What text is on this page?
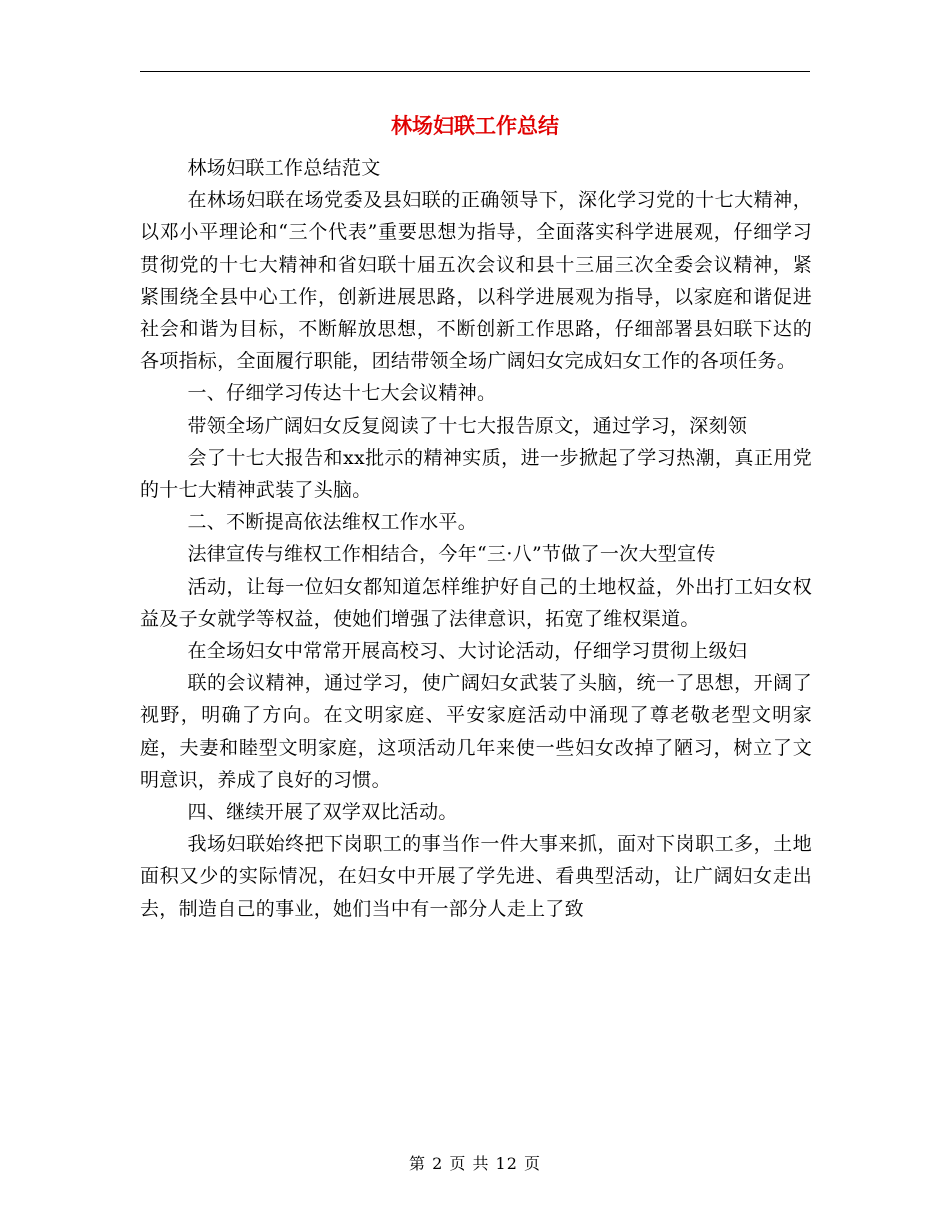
林场妇联工作总结

林场妇联工作总结范文

在林场妇联在场党委及县妇联的正确领导下，深化学习党的十七大精神，以邓小平理论和“三个代表”重要思想为指导，全面落实科学进展观，仔细学习贯彻党的十七大精神和省妇联十届五次会议和县十三届三次全委会议精神，紧紧围绕全县中心工作，创新进展思路，以科学进展观为指导，以家庭和谐促进社会和谐为目标，不断解放思想，不断创新工作思路，仔细部署县妇联下达的各项指标，全面履行职能，团结带领全场广阔妇女完成妇女工作的各项任务。

一、仔细学习传达十七大会议精神。

带领全场广阔妇女反复阅读了十七大报告原文，通过学习，深刻领

会了十七大报告和xx批示的精神实质，进一步掀起了学习热潮，真正用党的十七大精神武装了头脑。

二、不断提高依法维权工作水平。

法律宣传与维权工作相结合，今年“三·八”节做了一次大型宣传

活动，让每一位妇女都知道怎样维护好自己的土地权益，外出打工妇女权益及子女就学等权益，使她们增强了法律意识，拓宽了维权渠道。

在全场妇女中常常开展高校习、大讨论活动，仔细学习贯彻上级妇

联的会议精神，通过学习，使广阔妇女武装了头脑，统一了思想，开阔了视野，明确了方向。在文明家庭、平安家庭活动中涌现了尊老敬老型文明家庭，夫妻和睦型文明家庭，这项活动几年来使一些妇女改掉了陋习，树立了文明意识，养成了良好的习惯。

四、继续开展了双学双比活动。

我场妇联始终把下岗职工的事当作一件大事来抓，面对下岗职工多，土地面积又少的实际情况，在妇女中开展了学先进、看典型活动，让广阔妇女走出去，制造自己的事业，她们当中有一部分人走上了致

第 2 页 共 12 页
